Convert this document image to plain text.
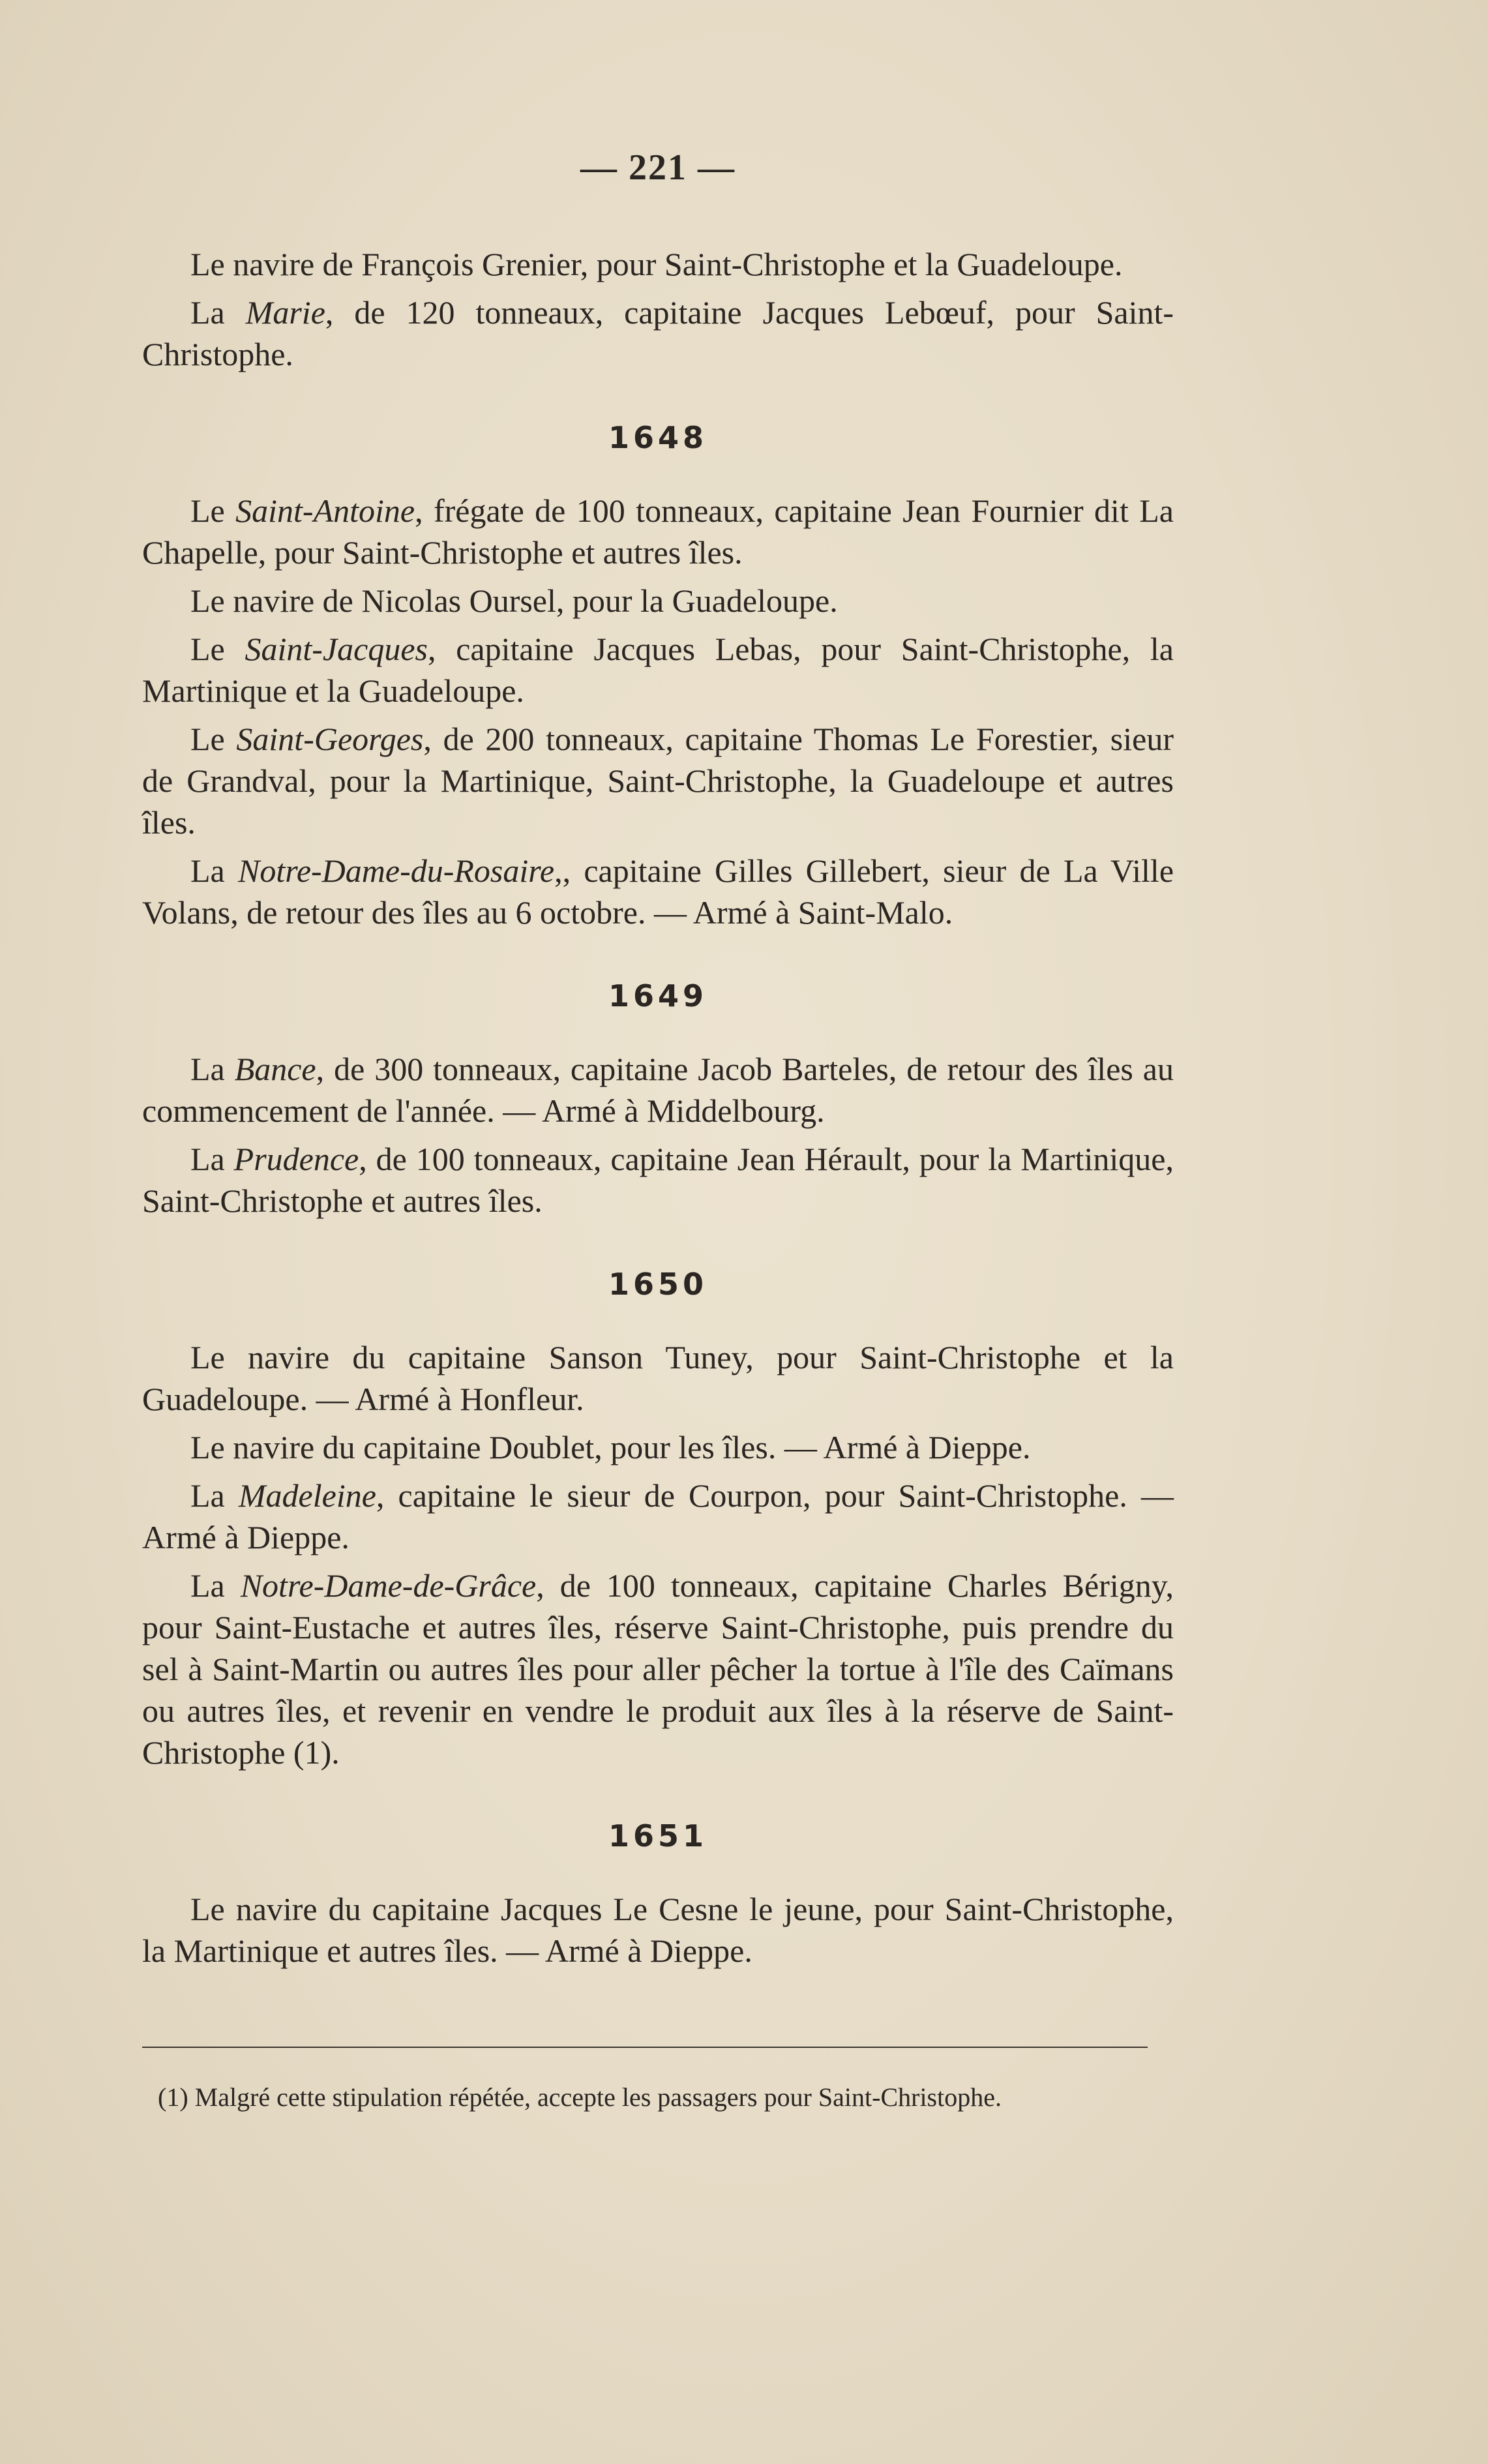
— 221 —

Le navire de François Grenier, pour Saint-Christophe et la Guadeloupe.

La Marie, de 120 tonneaux, capitaine Jacques Lebœuf, pour Saint-Christophe.

1648

Le Saint-Antoine, frégate de 100 tonneaux, capitaine Jean Fournier dit La Chapelle, pour Saint-Christophe et autres îles.

Le navire de Nicolas Oursel, pour la Guadeloupe.

Le Saint-Jacques, capitaine Jacques Lebas, pour Saint-Christophe, la Martinique et la Guadeloupe.

Le Saint-Georges, de 200 tonneaux, capitaine Thomas Le Forestier, sieur de Grandval, pour la Martinique, Saint-Christophe, la Guadeloupe et autres îles.

La Notre-Dame-du-Rosaire,, capitaine Gilles Gillebert, sieur de La Ville Volans, de retour des îles au 6 octobre. — Armé à Saint-Malo.

1649

La Bance, de 300 tonneaux, capitaine Jacob Barteles, de retour des îles au commencement de l'année. — Armé à Middelbourg.

La Prudence, de 100 tonneaux, capitaine Jean Hérault, pour la Martinique, Saint-Christophe et autres îles.

1650

Le navire du capitaine Sanson Tuney, pour Saint-Christophe et la Guadeloupe. — Armé à Honfleur.

Le navire du capitaine Doublet, pour les îles. — Armé à Dieppe.

La Madeleine, capitaine le sieur de Courpon, pour Saint-Christophe. — Armé à Dieppe.

La Notre-Dame-de-Grâce, de 100 tonneaux, capitaine Charles Bérigny, pour Saint-Eustache et autres îles, réserve Saint-Christophe, puis prendre du sel à Saint-Martin ou autres îles pour aller pêcher la tortue à l'île des Caïmans ou autres îles, et revenir en vendre le produit aux îles à la réserve de Saint-Christophe (1).

1651

Le navire du capitaine Jacques Le Cesne le jeune, pour Saint-Christophe, la Martinique et autres îles. — Armé à Dieppe.

(1) Malgré cette stipulation répétée, accepte les passagers pour Saint-Christophe.
